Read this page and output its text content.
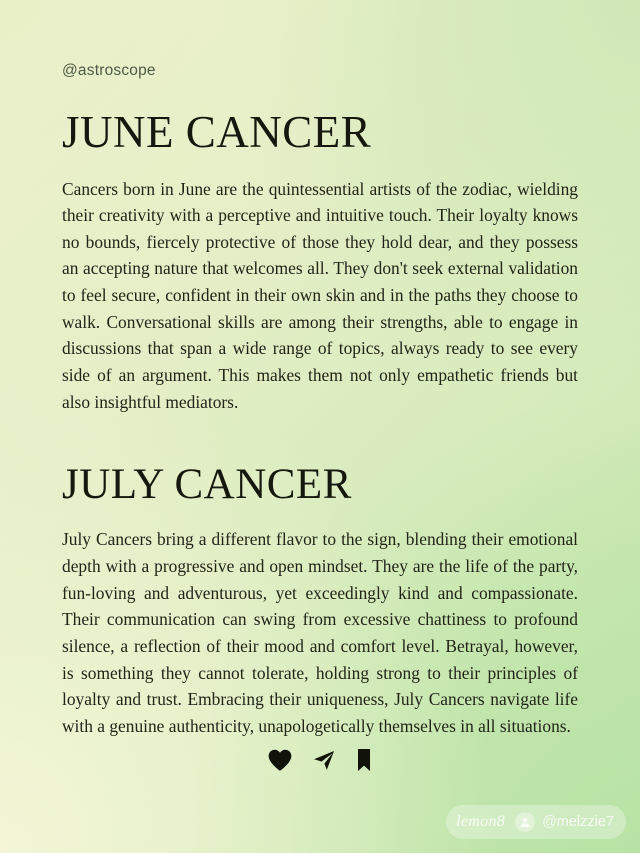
@astroscope
JUNE CANCER

Cancers born in June are the quintessential artists of the zodiac, wielding their creativity with a perceptive and intuitive touch. Their loyalty knows no bounds, fiercely protective of those they hold dear, and they possess an accepting nature that welcomes all. They don't seek external validation to feel secure, confident in their own skin and in the paths they choose to walk. Conversational skills are among their strengths, able to engage in discussions that span a wide range of topics, always ready to see every side of an argument. This makes them not only empathetic friends but also insightful mediators.

JULY CANCER

July Cancers bring a different flavor to the sign, blending their emotional depth with a progressive and open mindset. They are the life of the party, fun-loving and adventurous, yet exceedingly kind and compassionate. Their communication can swing from excessive chattiness to profound silence, a reflection of their mood and comfort level. Betrayal, however, is something they cannot tolerate, holding strong to their principles of loyalty and trust. Embracing their uniqueness, July Cancers navigate life with a genuine authenticity, unapologetically themselves in all situations.

lemon8	@melzzie7
